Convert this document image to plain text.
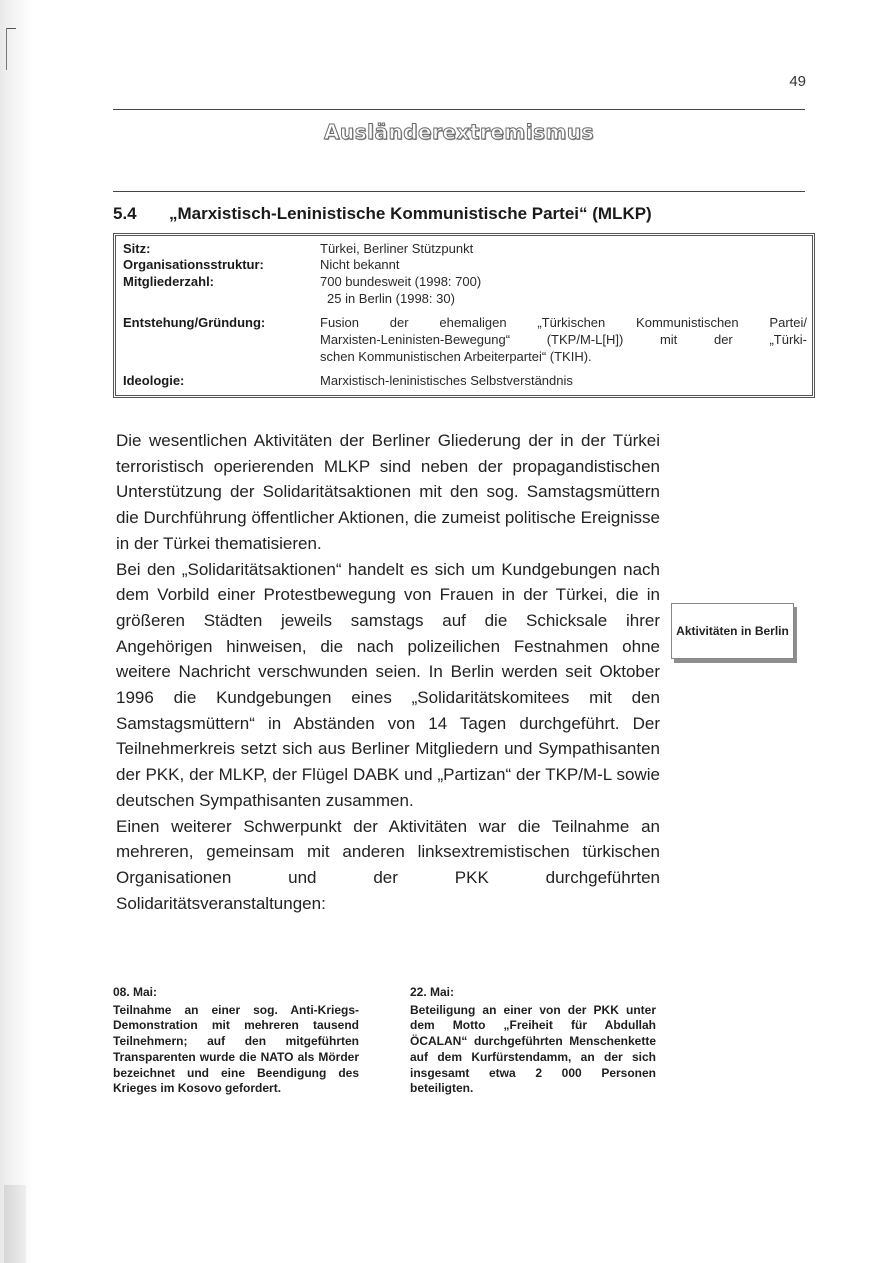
49
Ausländerextremismus
5.4 „Marxistisch-Leninistische Kommunistische Partei“ (MLKP)
Sitz:	Türkei, Berliner Stützpunkt
Organisationsstruktur:	Nicht bekannt
Mitgliederzahl:	700 bundesweit (1998: 700)
25 in Berlin (1998: 30)
Entstehung/Gründung:	Fusion der ehemaligen „Türkischen Kommunistischen Partei/
Marxisten-Leninisten-Bewegung“ (TKP/M-L[H]) mit der „Türki-
schen Kommunistischen Arbeiterpartei“ (TKIH).
Ideologie:	Marxistisch-leninistisches Selbstverständnis

Die wesentlichen Aktivitäten der Berliner Gliederung der in der Türkei terroristisch operierenden MLKP sind neben der propagandistischen Unterstützung der Solidaritätsaktionen mit den sog. Samstagsmüttern die Durchführung öffentlicher Aktionen, die zumeist politische Ereignisse in der Türkei thematisieren.

Bei den „Solidaritätsaktionen“ handelt es sich um Kundgebungen nach dem Vorbild einer Protestbewegung von Frauen in der Türkei, die in größeren Städten jeweils samstags auf die Schicksale ihrer Angehörigen hinweisen, die nach polizeilichen Festnahmen ohne weitere Nachricht verschwunden seien. In Berlin werden seit Oktober 1996 die Kundgebungen eines „Solidaritätskomitees mit den Samstagsmüttern“ in Abständen von 14 Tagen durchgeführt. Der Teilnehmerkreis setzt sich aus Berliner Mitgliedern und Sympathisanten der PKK, der MLKP, der Flügel DABK und „Partizan“ der TKP/M-L sowie deutschen Sympathisanten zusammen.

Einen weiterer Schwerpunkt der Aktivitäten war die Teilnahme an mehreren, gemeinsam mit anderen linksextremistischen türkischen Organisationen und der PKK durchgeführten Solidaritätsveranstaltungen:

Aktivitäten in Berlin
08. Mai:
Teilnahme an einer sog. Anti-Kriegs-Demonstration mit mehreren tausend Teilnehmern; auf den mitgeführten Transparenten wurde die NATO als Mörder bezeichnet und eine Beendigung des Krieges im Kosovo gefordert.
22. Mai:
Beteiligung an einer von der PKK unter dem Motto „Freiheit für Abdullah ÖCALAN“ durchgeführten Menschenkette auf dem Kurfürstendamm, an der sich insgesamt etwa 2 000 Personen beteiligten.
